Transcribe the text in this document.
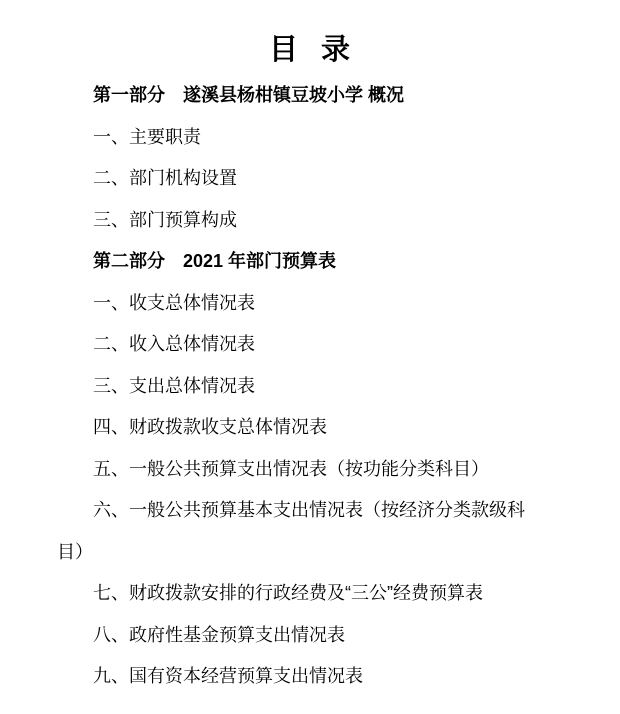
目 录

第一部分　遂溪县杨柑镇豆坡小学 概况

一、主要职责

二、部门机构设置

三、部门预算构成

第二部分　2021 年部门预算表

一、收支总体情况表

二、收入总体情况表

三、支出总体情况表

四、财政拨款收支总体情况表

五、一般公共预算支出情况表（按功能分类科目）

六、一般公共预算基本支出情况表（按经济分类款级科目）

七、财政拨款安排的行政经费及“三公”经费预算表

八、政府性基金预算支出情况表

九、国有资本经营预算支出情况表
